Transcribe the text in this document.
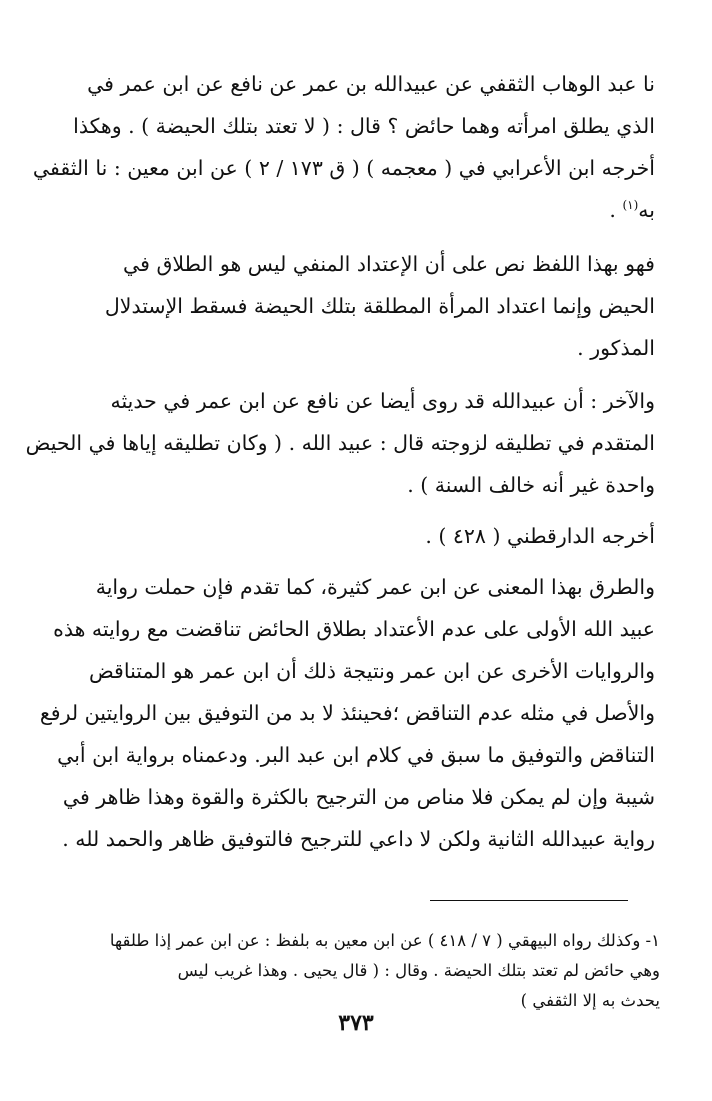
نا عبد الوهاب الثقفي عن عبيدالله بن عمر عن نافع عن ابن عمر في
الذي يطلق امرأته وهما حائض ؟ قال : ( لا تعتد بتلك الحيضة ) . وهكذا
أخرجه ابن الأعرابي في ( معجمه ) ( ق ١٧٣ / ٢ ) عن ابن معين : نا الثقفي
به$^{(١)}$ .
فهو بهذا اللفظ نص على أن الإعتداد المنفي ليس هو الطلاق في
الحيض وإنما اعتداد المرأة المطلقة بتلك الحيضة فسقط الإستدلال
المذكور .
والآخر : أن عبيدالله قد روى أيضا عن نافع عن ابن عمر في حديثه
المتقدم في تطليقه لزوجته قال : عبيد الله . ( وكان تطليقه إياها في الحيض
واحدة غير أنه خالف السنة ) .
أخرجه الدارقطني ( ٤٢٨ ) .
والطرق بهذا المعنى عن ابن عمر كثيرة، كما تقدم فإن حملت رواية
عبيد الله الأولى على عدم الأعتداد بطلاق الحائض تناقضت مع روايته هذه
والروايات الأخرى عن ابن عمر ونتيجة ذلك أن ابن عمر هو المتناقض
والأصل في مثله عدم التناقض ؛فحينئذ لا بد من التوفيق بين الروايتين لرفع
التناقض والتوفيق ما سبق في كلام ابن عبد البر. ودعمناه برواية ابن أبي
شيبة وإن لم يمكن فلا مناص من الترجيح بالكثرة والقوة وهذا ظاهر في
رواية عبيدالله الثانية ولكن لا داعي للترجيح فالتوفيق ظاهر والحمد لله .
١- وكذلك رواه البيهقي ( ٧ / ٤١٨ ) عن ابن معين به بلفظ : عن ابن عمر إذا طلقها
وهي حائض لم تعتد بتلك الحيضة . وقال : ( قال يحيى . وهذا غريب ليس
يحدث به إلا الثقفي )
٣٧٣
